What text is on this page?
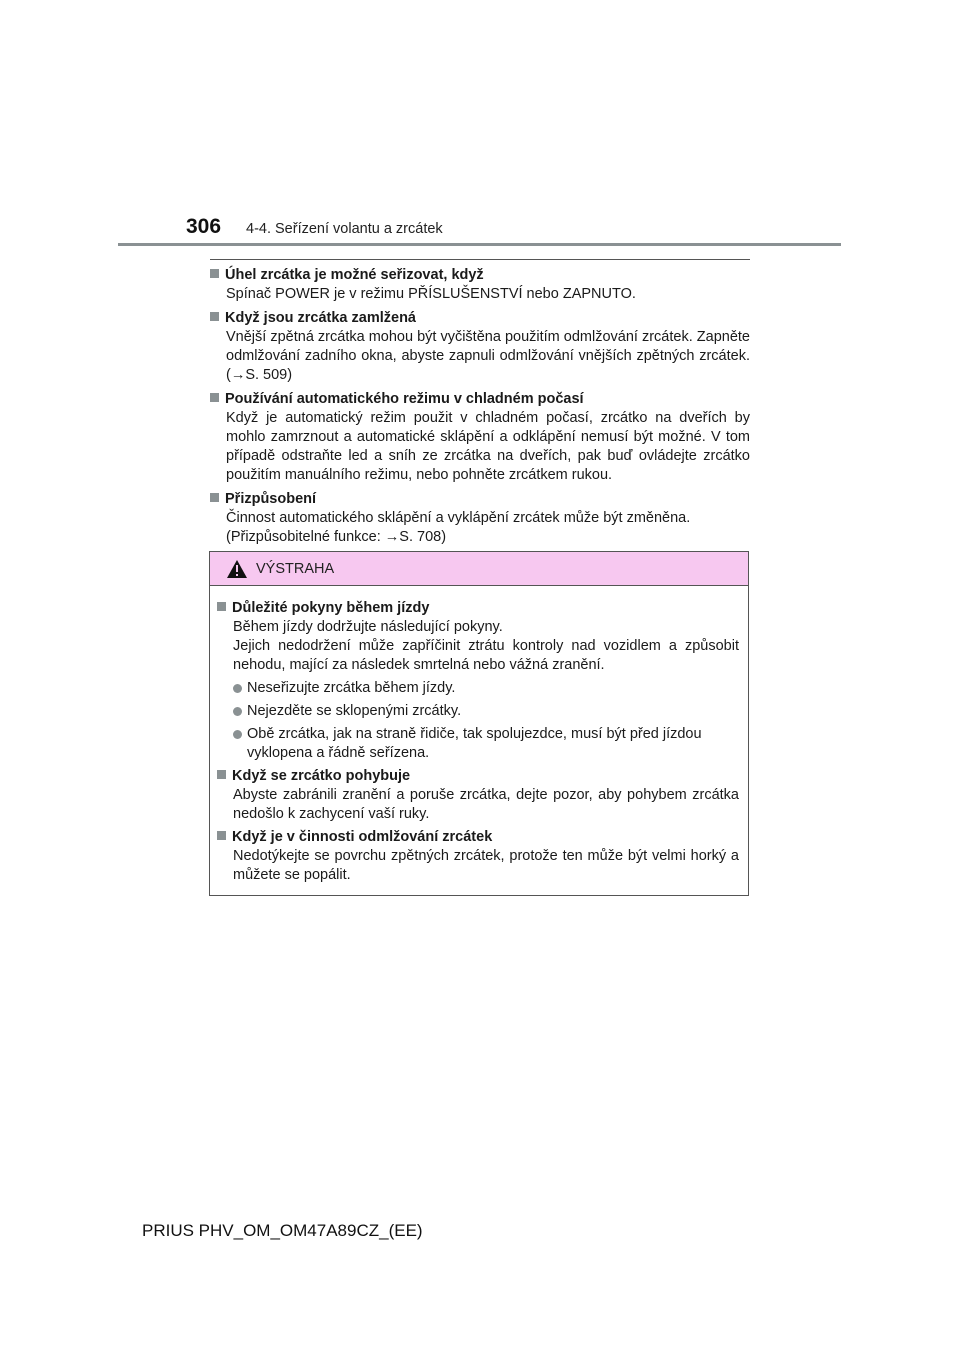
306 4-4. Seřízení volantu a zrcátek
Úhel zrcátka je možné seřizovat, když
Spínač POWER je v režimu PŘÍSLUŠENSTVÍ nebo ZAPNUTO.
Když jsou zrcátka zamlžená
Vnější zpětná zrcátka mohou být vyčištěna použitím odmlžování zrcátek. Zapněte odmlžování zadního okna, abyste zapnuli odmlžování vnějších zpětných zrcátek. (→S. 509)
Používání automatického režimu v chladném počasí
Když je automatický režim použit v chladném počasí, zrcátko na dveřích by mohlo zamrznout a automatické sklápění a odklápění nemusí být možné. V tom případě odstraňte led a sníh ze zrcátka na dveřích, pak buď ovládejte zrcátko použitím manuálního režimu, nebo pohněte zrcátkem rukou.
Přizpůsobení
Činnost automatického sklápění a vyklápění zrcátek může být změněna.
(Přizpůsobitelné funkce: →S. 708)
VÝSTRAHA
Důležité pokyny během jízdy
Během jízdy dodržujte následující pokyny.
Jejich nedodržení může zapříčinit ztrátu kontroly nad vozidlem a způsobit nehodu, mající za následek smrtelná nebo vážná zranění.
Neseřizujte zrcátka během jízdy.
Nejezděte se sklopenými zrcátky.
Obě zrcátka, jak na straně řidiče, tak spolujezdce, musí být před jízdou vyklopena a řádně seřízena.
Když se zrcátko pohybuje
Abyste zabránili zranění a poruše zrcátka, dejte pozor, aby pohybem zrcátka nedošlo k zachycení vaší ruky.
Když je v činnosti odmlžování zrcátek
Nedotýkejte se povrchu zpětných zrcátek, protože ten může být velmi horký a můžete se popálit.
PRIUS PHV_OM_OM47A89CZ_(EE)
